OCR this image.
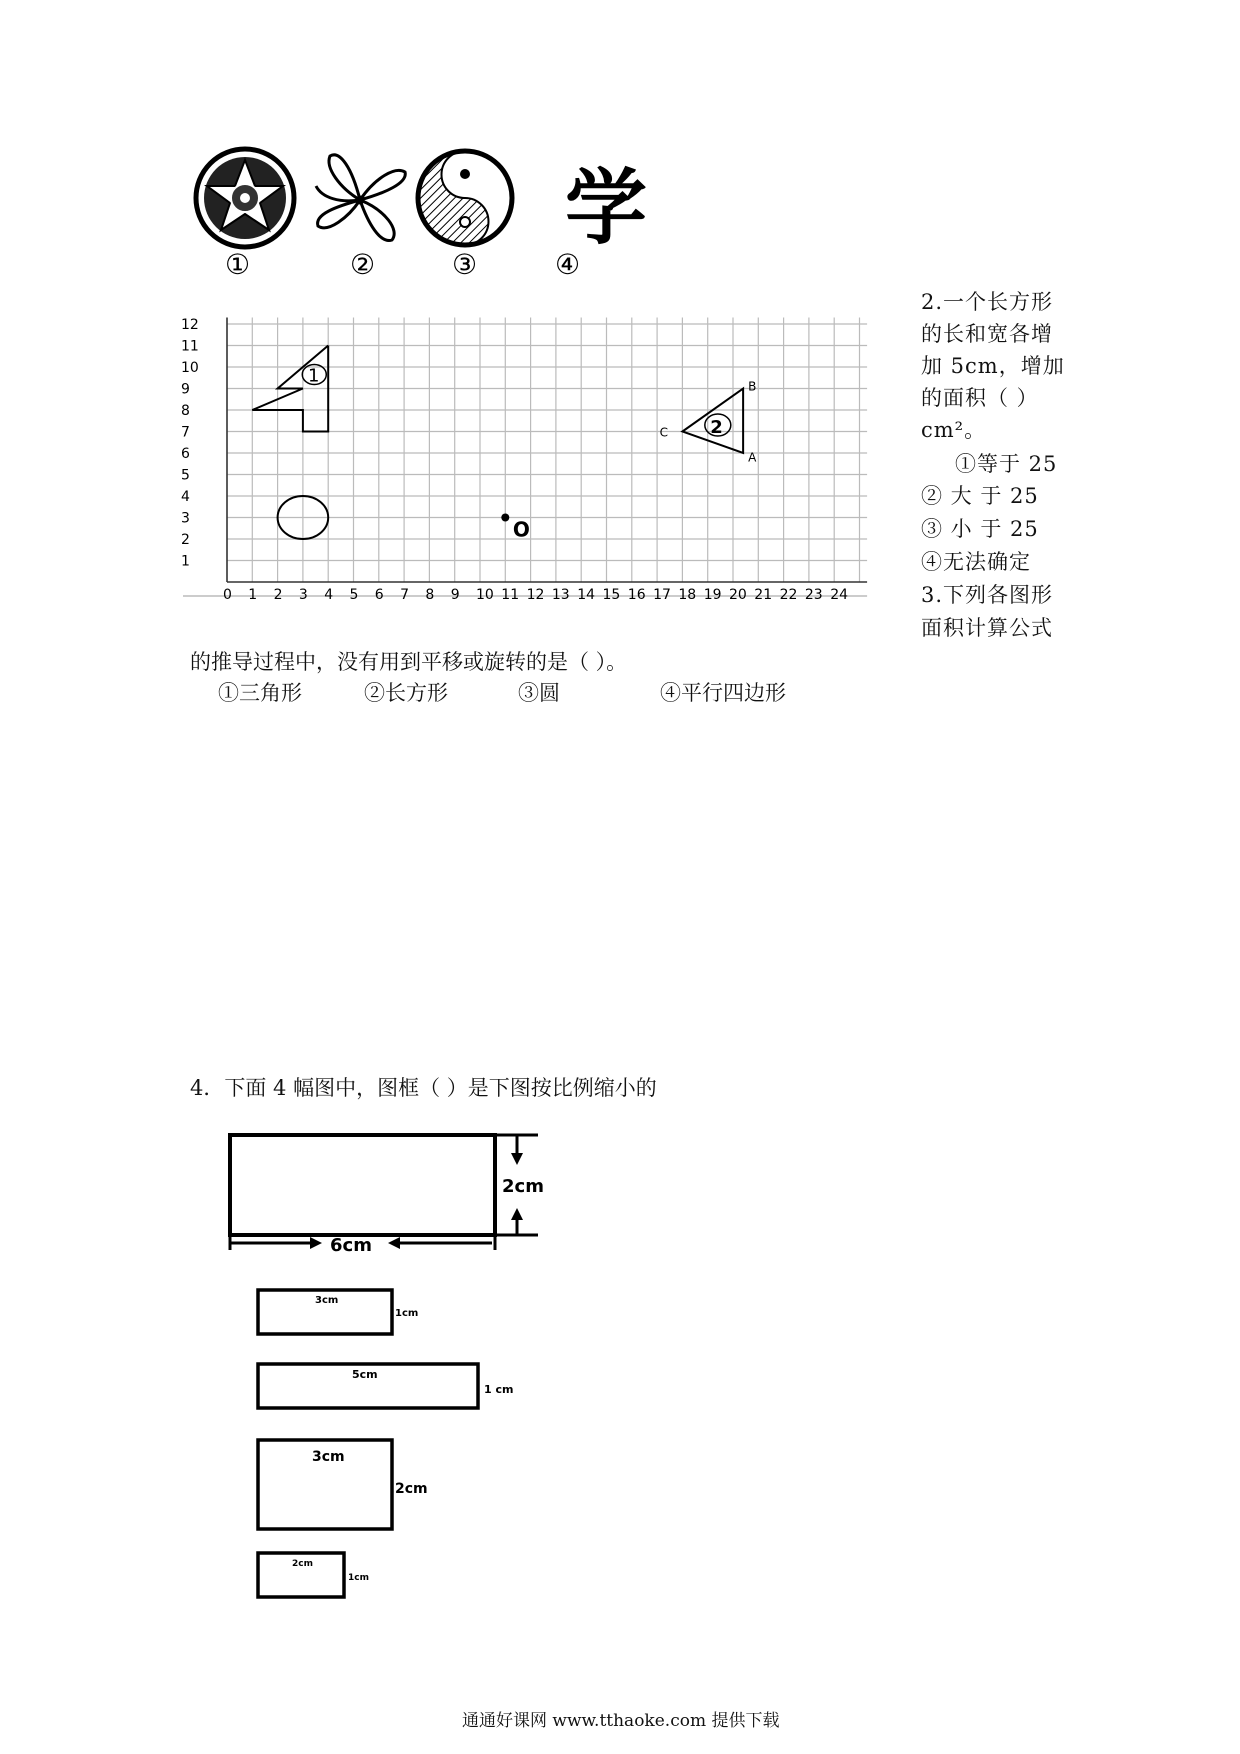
学
①	②	③	④
0 1 2 3 4 5 6 7 8 9 10 11 12 13 14 15 16 17 18 19 20 21 22 23 24
1
2
3
4
5
6
7
8
9
10
11
12
1
2
A
B
C
O
2.一个长方形
的长和宽各增
加 5cm，增加
的面积（ ）
cm²。
①等于 25
② 大 于 25
③ 小 于 25
④无法确定
3.下列各图形
面积计算公式
的推导过程中，没有用到平移或旋转的是（ ）。
①三角形	②长方形	③圆	④平行四边形
4．下面 4 幅图中，图框（ ）是下图按比例缩小的
6cm
2cm
3cm
1cm
5cm
1 cm
3cm
2cm
2cm
1cm
通通好课网 www.tthaoke.com 提供下载
